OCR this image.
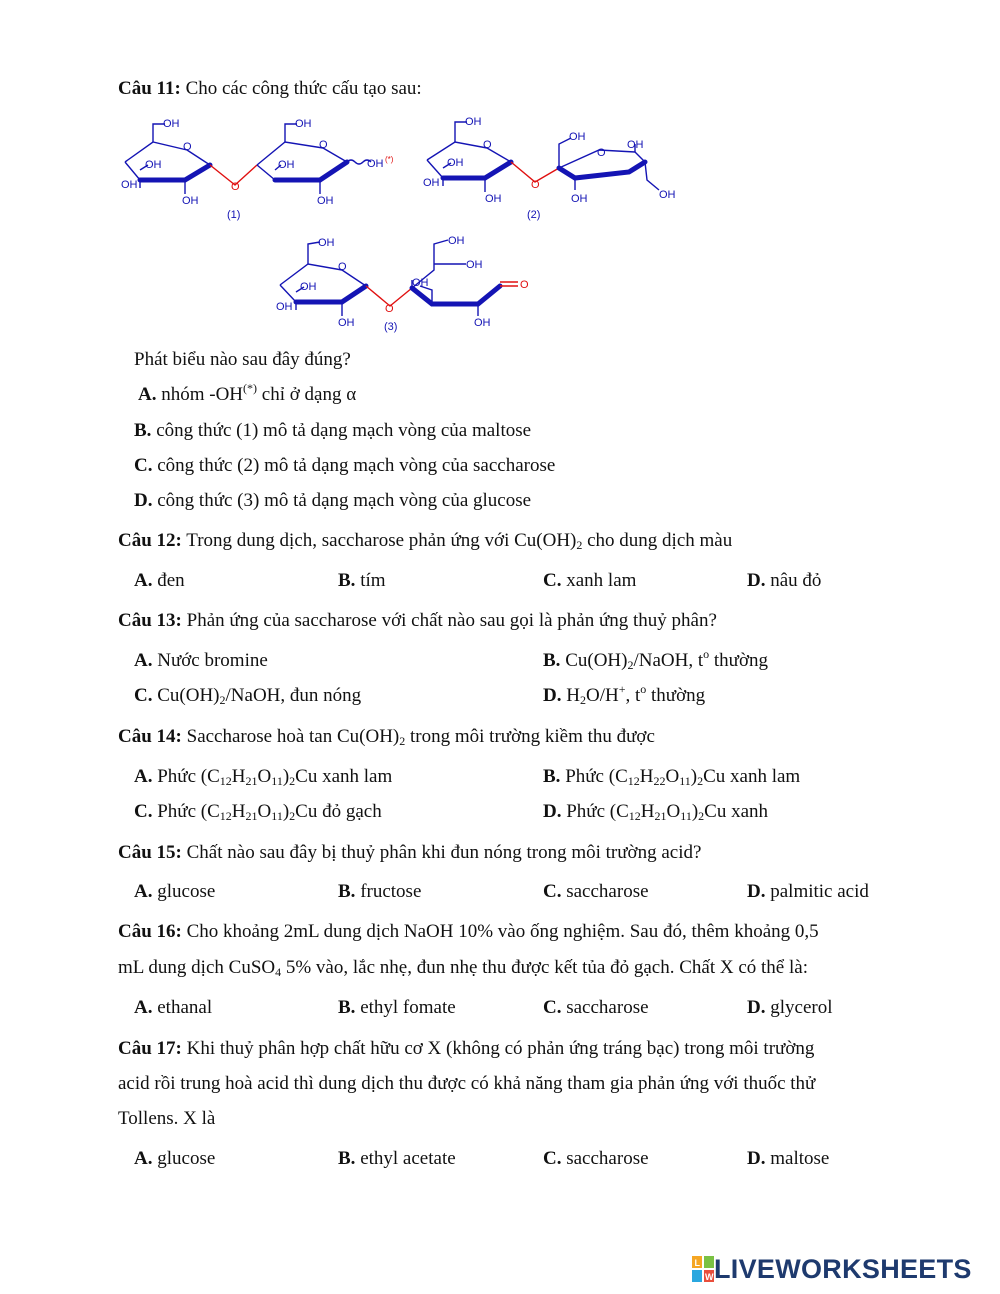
Câu 11: Cho các công thức cấu tạo sau:
OH
O
OH
OH
OH
O
OH
O
OH
OH
OH (*)
(1)
OH
O
OH
OH
OH
O
OH
O
OH
OH
OH
(2)
OH
O
OH
OH
OH
O
OH
OH
O
OH
OH
(3)
Phát biểu nào sau đây đúng?
A. nhóm -OH(*) chỉ ở dạng α
B. công thức (1) mô tả dạng mạch vòng của maltose
C. công thức (2) mô tả dạng mạch vòng của saccharose
D. công thức (3) mô tả dạng mạch vòng của glucose
Câu 12: Trong dung dịch, saccharose phản ứng với $Cu(OH)_2$ cho dung dịch màu
A. đen	B. tím	C. xanh lam	D. nâu đỏ
Câu 13: Phản ứng của saccharose với chất nào sau gọi là phản ứng thuỷ phân?
A. Nước bromine	B. $Cu(OH)_2$/NaOH, $t^o$ thường
C. $Cu(OH)_2$/NaOH, đun nóng	D. $H_2O/H^+$, $t^o$ thường
Câu 14: Saccharose hoà $\tan Cu(OH)_2$ trong môi trường kiềm thu được
A. Phức $(C_{12}H_{21}O_{11})_2Cu$ xanh lam	B. Phức $(C_{12}H_{22}O_{11})_2Cu$ xanh lam
C. Phức $(C_{12}H_{21}O_{11})_2Cu$ đỏ gạch	D. Phức $(C_{12}H_{21}O_{11})_2Cu$ xanh
Câu 15: Chất nào sau đây bị thuỷ phân khi đun nóng trong môi trường acid?
A. glucose	B. fructose	C. saccharose	D. palmitic acid
Câu 16: Cho khoảng 2mL dung dịch NaOH 10% vào ống nghiệm. Sau đó, thêm khoảng 0,5
mL dung dịch CuSO$_4$ 5% vào, lắc nhẹ, đun nhẹ thu được kết tủa đỏ gạch. Chất X có thể là:
A. ethanal	B. ethyl fomate	C. saccharose	D. glycerol
Câu 17: Khi thuỷ phân hợp chất hữu cơ X (không có phản ứng tráng bạc) trong môi trường
acid rồi trung hoà acid thì dung dịch thu được có khả năng tham gia phản ứng với thuốc thử
Tollens. X là
A. glucose	B. ethyl acetate	C. saccharose	D. maltose
L
W LIVEWORKSHEETS
